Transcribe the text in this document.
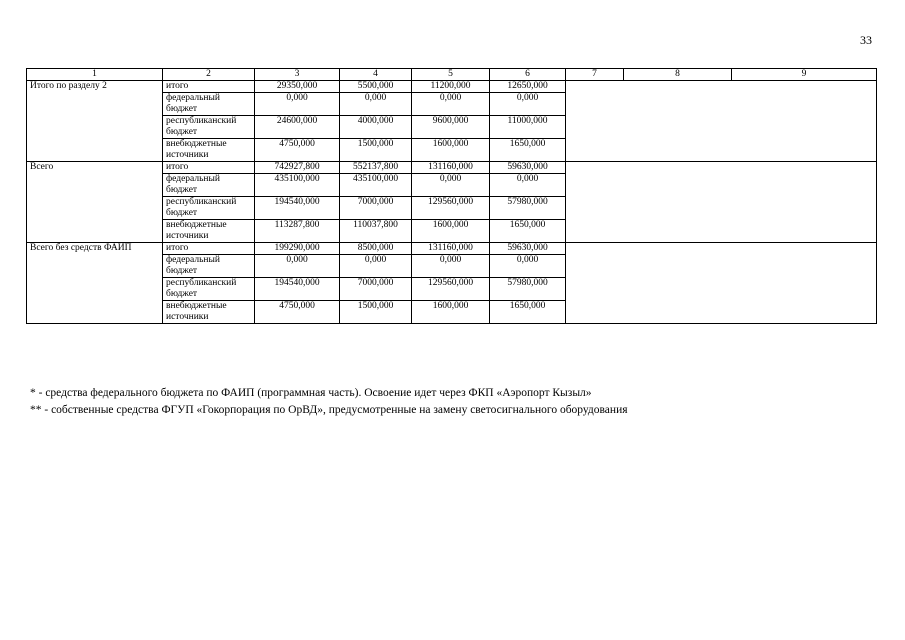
33
1	2	3	4	5	6	7	8	9
Итого по разделу 2	итого	29350,000	5500,000	11200,000	12650,000			
	федеральный бюджет	0,000	0,000	0,000	0,000			
	республиканский бюджет	24600,000	4000,000	9600,000	11000,000			
	внебюджетные источники	4750,000	1500,000	1600,000	1650,000			
Всего	итого	742927,800	552137,800	131160,000	59630,000			
	федеральный бюджет	435100,000	435100,000	0,000	0,000			
	республиканский бюджет	194540,000	7000,000	129560,000	57980,000			
	внебюджетные источники	113287,800	110037,800	1600,000	1650,000			
Всего без средств ФАИП	итого	199290,000	8500,000	131160,000	59630,000			
	федеральный бюджет	0,000	0,000	0,000	0,000			
	республиканский бюджет	194540,000	7000,000	129560,000	57980,000			
	внебюджетные источники	4750,000	1500,000	1600,000	1650,000			

* - средства федерального бюджета по ФАИП (программная часть). Освоение идет через ФКП «Аэропорт Кызыл»

** - собственные средства ФГУП «Гокорпорация по ОрВД», предусмотренные на замену светосигнального оборудования
